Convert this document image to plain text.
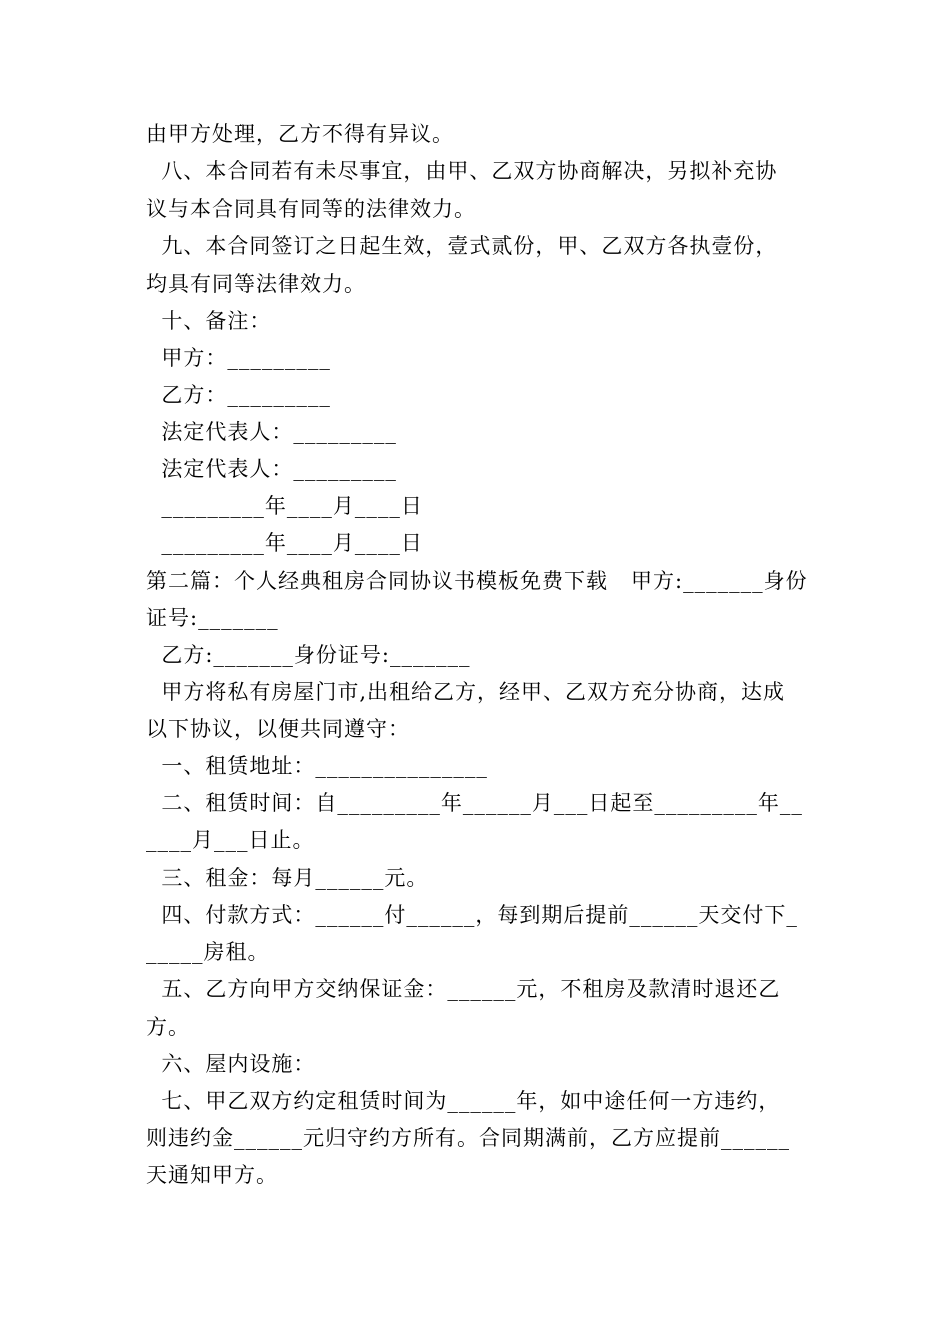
由甲方处理，乙方不得有异议。
八、本合同若有未尽事宜，由甲、乙双方协商解决，另拟补充协
议与本合同具有同等的法律效力。
九、本合同签订之日起生效，壹式贰份，甲、乙双方各执壹份，
均具有同等法律效力。
十、备注：
甲方：_________
乙方：_________
法定代表人：_________
法定代表人：_________
_________年____月____日
_________年____月____日
第二篇：个人经典租房合同协议书模板免费下载   甲方:_______身份
证号:_______
乙方:_______身份证号:_______
甲方将私有房屋门市,出租给乙方，经甲、乙双方充分协商，达成
以下协议，以便共同遵守：
一、租赁地址：_______________
二、租赁时间：自_________年______月___日起至_________年__
____月___日止。
三、租金：每月______元。
四、付款方式：______付______，每到期后提前______天交付下_
_____房租。
五、乙方向甲方交纳保证金：______元，不租房及款清时退还乙
方。
六、屋内设施：
七、甲乙双方约定租赁时间为______年，如中途任何一方违约，
则违约金______元归守约方所有。合同期满前，乙方应提前______
天通知甲方。
